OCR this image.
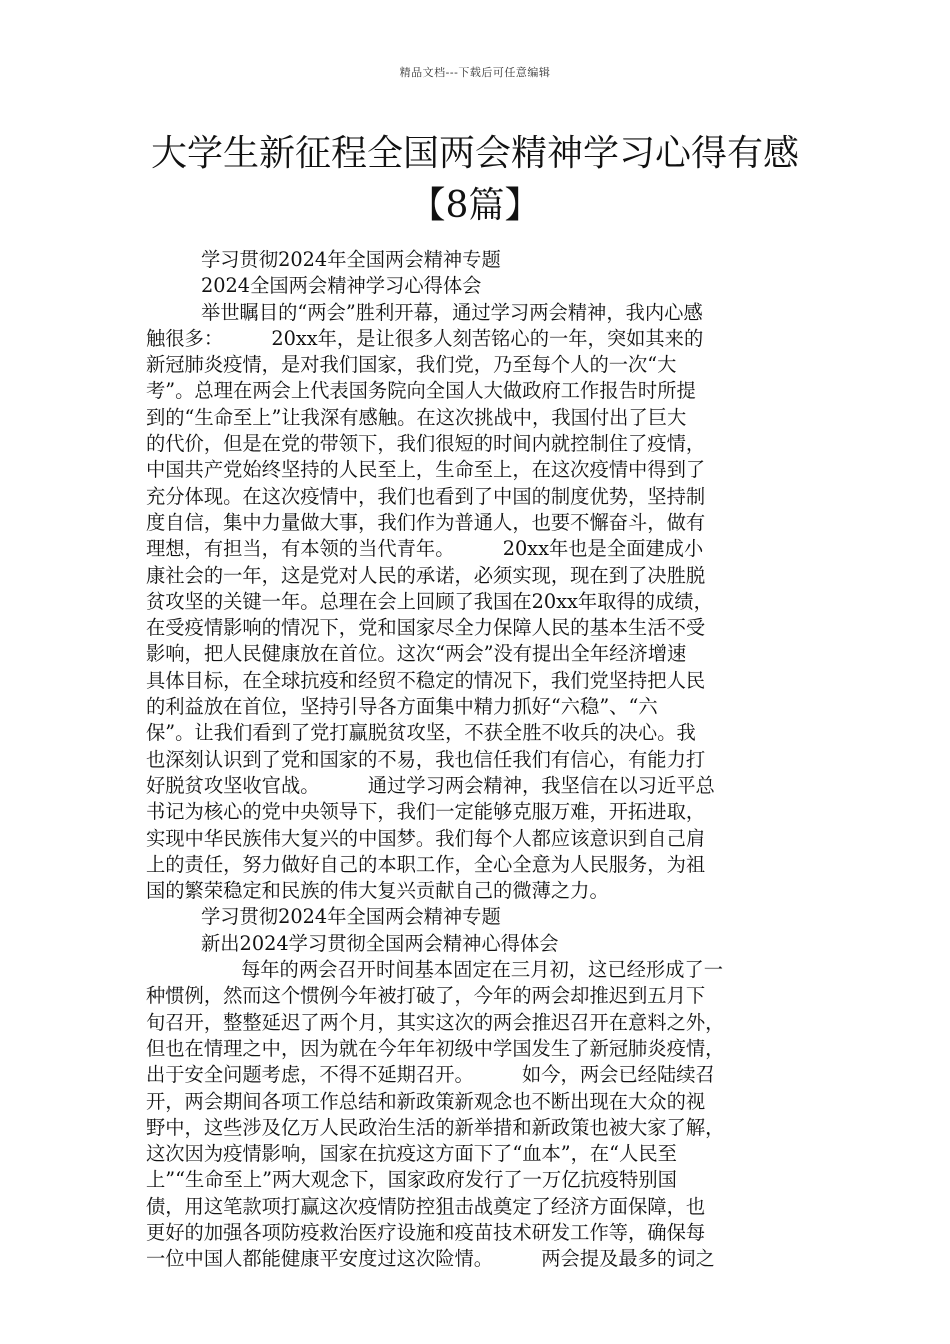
精品文档---下载后可任意编辑
大学生新征程全国两会精神学习心得有感
【8篇】
学习贯彻2024年全国两会精神专题
2024全国两会精神学习心得体会
举世瞩目的“两会”胜利开幕，通过学习两会精神，我内心感
触很多：　　　20xx年，是让很多人刻苦铭心的一年，突如其来的
新冠肺炎疫情，是对我们国家，我们党，乃至每个人的一次“大
考”。总理在两会上代表国务院向全国人大做政府工作报告时所提
到的“生命至上”让我深有感触。在这次挑战中，我国付出了巨大
的代价，但是在党的带领下，我们很短的时间内就控制住了疫情，
中国共产党始终坚持的人民至上，生命至上，在这次疫情中得到了
充分体现。在这次疫情中，我们也看到了中国的制度优势，坚持制
度自信，集中力量做大事，我们作为普通人，也要不懈奋斗，做有
理想，有担当，有本领的当代青年。　　　20xx年也是全面建成小
康社会的一年，这是党对人民的承诺，必须实现，现在到了决胜脱
贫攻坚的关键一年。总理在会上回顾了我国在20xx年取得的成绩，
在受疫情影响的情况下，党和国家尽全力保障人民的基本生活不受
影响，把人民健康放在首位。这次“两会”没有提出全年经济增速
具体目标，在全球抗疫和经贸不稳定的情况下，我们党坚持把人民
的利益放在首位，坚持引导各方面集中精力抓好“六稳”、“六
保”。让我们看到了党打赢脱贫攻坚，不获全胜不收兵的决心。我
也深刻认识到了党和国家的不易，我也信任我们有信心，有能力打
好脱贫攻坚收官战。　　　通过学习两会精神，我坚信在以习近平总
书记为核心的党中央领导下，我们一定能够克服万难，开拓进取，
实现中华民族伟大复兴的中国梦。我们每个人都应该意识到自己肩
上的责任，努力做好自己的本职工作，全心全意为人民服务，为祖
国的繁荣稳定和民族的伟大复兴贡献自己的微薄之力。
学习贯彻2024年全国两会精神专题
新出2024学习贯彻全国两会精神心得体会
每年的两会召开时间基本固定在三月初，这已经形成了一
种惯例，然而这个惯例今年被打破了，今年的两会却推迟到五月下
旬召开，整整延迟了两个月，其实这次的两会推迟召开在意料之外，
但也在情理之中，因为就在今年年初级中学国发生了新冠肺炎疫情，
出于安全问题考虑，不得不延期召开。　　　如今，两会已经陆续召
开，两会期间各项工作总结和新政策新观念也不断出现在大众的视
野中，这些涉及亿万人民政治生活的新举措和新政策也被大家了解，
这次因为疫情影响，国家在抗疫这方面下了“血本”，在“人民至
上”“生命至上”两大观念下，国家政府发行了一万亿抗疫特别国
债，用这笔款项打赢这次疫情防控狙击战奠定了经济方面保障，也
更好的加强各项防疫救治医疗设施和疫苗技术研发工作等，确保每
一位中国人都能健康平安度过这次险情。　　　两会提及最多的词之
